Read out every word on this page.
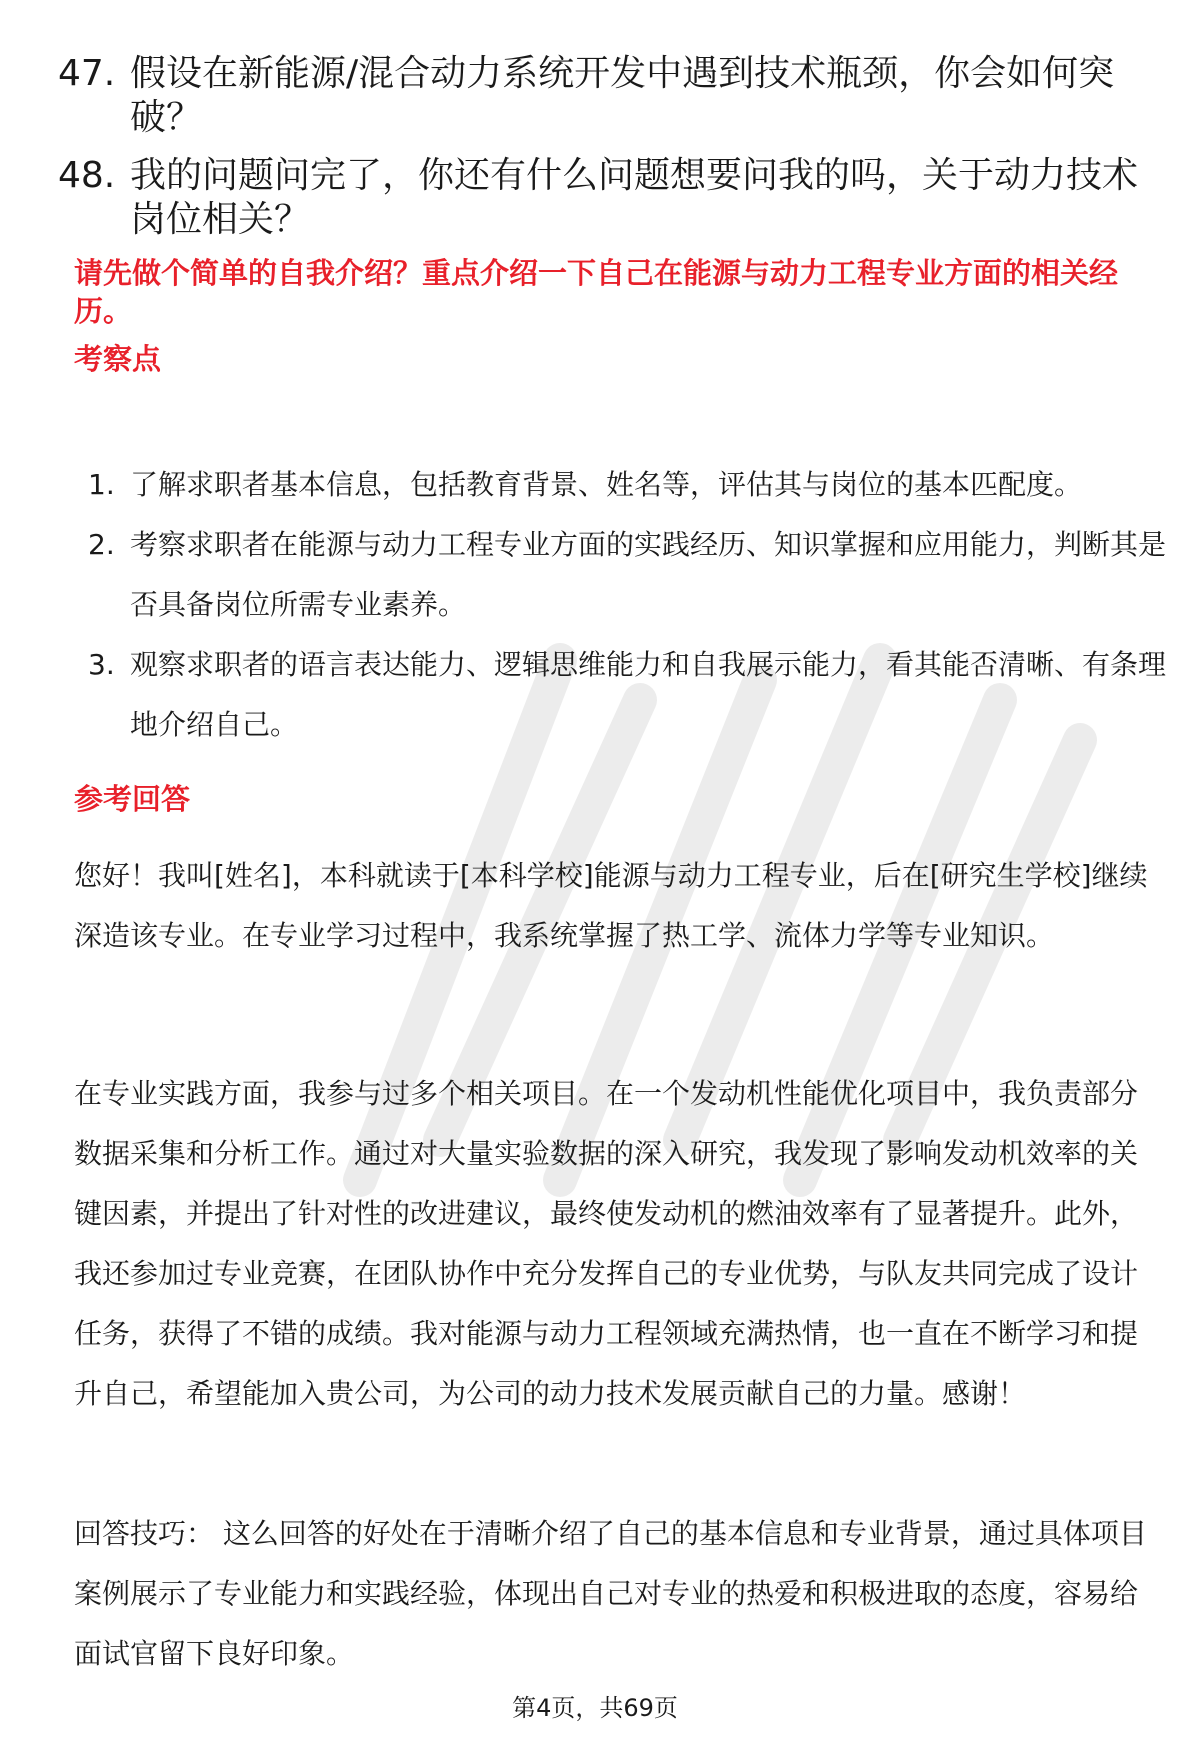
47. 假设在新能源/混合动力系统开发中遇到技术瓶颈，你会如何突破？
48. 我的问题问完了，你还有什么问题想要问我的吗，关于动力技术岗位相关？
请先做个简单的自我介绍？重点介绍一下自己在能源与动力工程专业方面的相关经历。
考察点
1. 了解求职者基本信息，包括教育背景、姓名等，评估其与岗位的基本匹配度。
2. 考察求职者在能源与动力工程专业方面的实践经历、知识掌握和应用能力，判断其是否具备岗位所需专业素养。
3. 观察求职者的语言表达能力、逻辑思维能力和自我展示能力，看其能否清晰、有条理地介绍自己。
参考回答
您好！我叫[姓名]，本科就读于[本科学校]能源与动力工程专业，后在[研究生学校]继续深造该专业。在专业学习过程中，我系统掌握了热工学、流体力学等专业知识。
在专业实践方面，我参与过多个相关项目。在一个发动机性能优化项目中，我负责部分数据采集和分析工作。通过对大量实验数据的深入研究，我发现了影响发动机效率的关键因素，并提出了针对性的改进建议，最终使发动机的燃油效率有了显著提升。此外，我还参加过专业竞赛，在团队协作中充分发挥自己的专业优势，与队友共同完成了设计任务，获得了不错的成绩。我对能源与动力工程领域充满热情，也一直在不断学习和提升自己，希望能加入贵公司，为公司的动力技术发展贡献自己的力量。感谢！
回答技巧： 这么回答的好处在于清晰介绍了自己的基本信息和专业背景，通过具体项目案例展示了专业能力和实践经验，体现出自己对专业的热爱和积极进取的态度，容易给面试官留下良好印象。
第4页，共69页
